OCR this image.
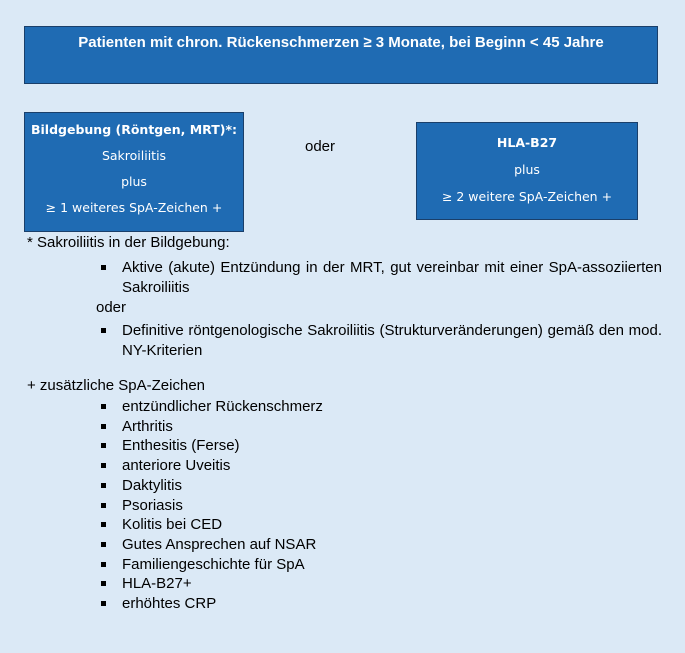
Patienten mit chron. Rückenschmerzen ≥ 3 Monate, bei Beginn < 45 Jahre
Bildgebung (Röntgen, MRT)*:
Sakroiliitis
plus
≥ 1 weiteres SpA-Zeichen +
oder	HLA-B27
plus
≥ 2 weitere SpA-Zeichen +
* Sakroiliitis in der Bildgebung:
Aktive (akute) Entzündung in der MRT, gut vereinbar mit einer SpA-assoziierten Sakroiliitis
oder
Definitive röntgenologische Sakroiliitis (Strukturveränderungen) gemäß den mod. NY-Kriterien
+ zusätzliche SpA-Zeichen
entzündlicher Rückenschmerz
Arthritis
Enthesitis (Ferse)
anteriore Uveitis
Daktylitis
Psoriasis
Kolitis bei CED
Gutes Ansprechen auf NSAR
Familiengeschichte für SpA
HLA-B27+
erhöhtes CRP
